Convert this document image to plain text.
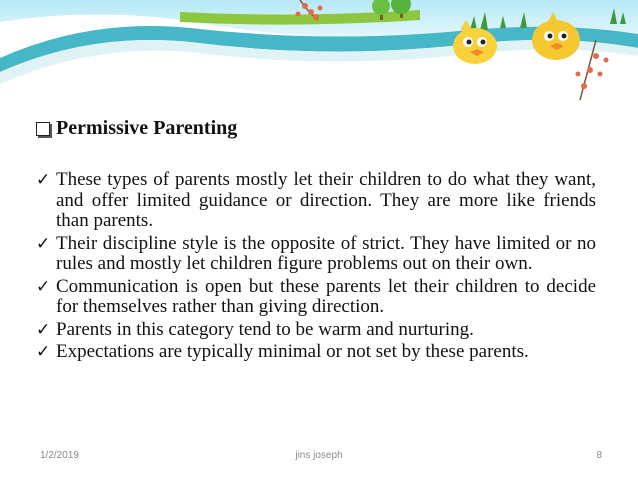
Permissive Parenting
✓ These types of parents mostly let their children to do what they want, and offer limited guidance or direction. They are more like friends than parents.
✓ Their discipline style is the opposite of strict. They have limited or no rules and mostly let children figure problems out on their own.
✓ Communication is open but these parents let their children to decide for themselves rather than giving direction.
✓ Parents in this category tend to be warm and nurturing.
✓ Expectations are typically minimal or not set by these parents.
1/2/2019	jins joseph	8
